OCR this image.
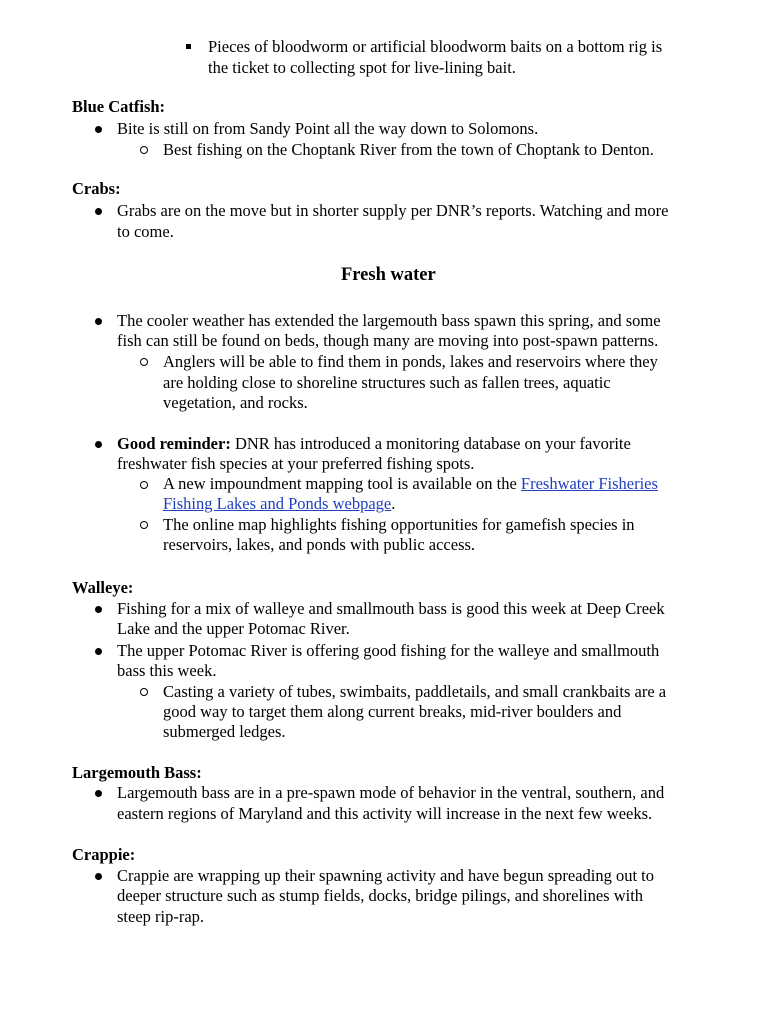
Pieces of bloodworm or artificial bloodworm baits on a bottom rig is
the ticket to collecting spot for live-lining bait.
Blue Catfish:
Bite is still on from Sandy Point all the way down to Solomons.
Best fishing on the Choptank River from the town of Choptank to Denton.
Crabs:
Grabs are on the move but in shorter supply per DNR’s reports. Watching and more
to come.
Fresh water
The cooler weather has extended the largemouth bass spawn this spring, and some
fish can still be found on beds, though many are moving into post-spawn patterns.
Anglers will be able to find them in ponds, lakes and reservoirs where they
are holding close to shoreline structures such as fallen trees, aquatic
vegetation, and rocks.
Good reminder: DNR has introduced a monitoring database on your favorite
freshwater fish species at your preferred fishing spots.
A new impoundment mapping tool is available on the Freshwater Fisheries
Fishing Lakes and Ponds webpage.
The online map highlights fishing opportunities for gamefish species in
reservoirs, lakes, and ponds with public access.
Walleye:
Fishing for a mix of walleye and smallmouth bass is good this week at Deep Creek
Lake and the upper Potomac River.
The upper Potomac River is offering good fishing for the walleye and smallmouth
bass this week.
Casting a variety of tubes, swimbaits, paddletails, and small crankbaits are a
good way to target them along current breaks, mid-river boulders and
submerged ledges.
Largemouth Bass:
Largemouth bass are in a pre-spawn mode of behavior in the ventral, southern, and
eastern regions of Maryland and this activity will increase in the next few weeks.
Crappie:
Crappie are wrapping up their spawning activity and have begun spreading out to
deeper structure such as stump fields, docks, bridge pilings, and shorelines with
steep rip-rap.
